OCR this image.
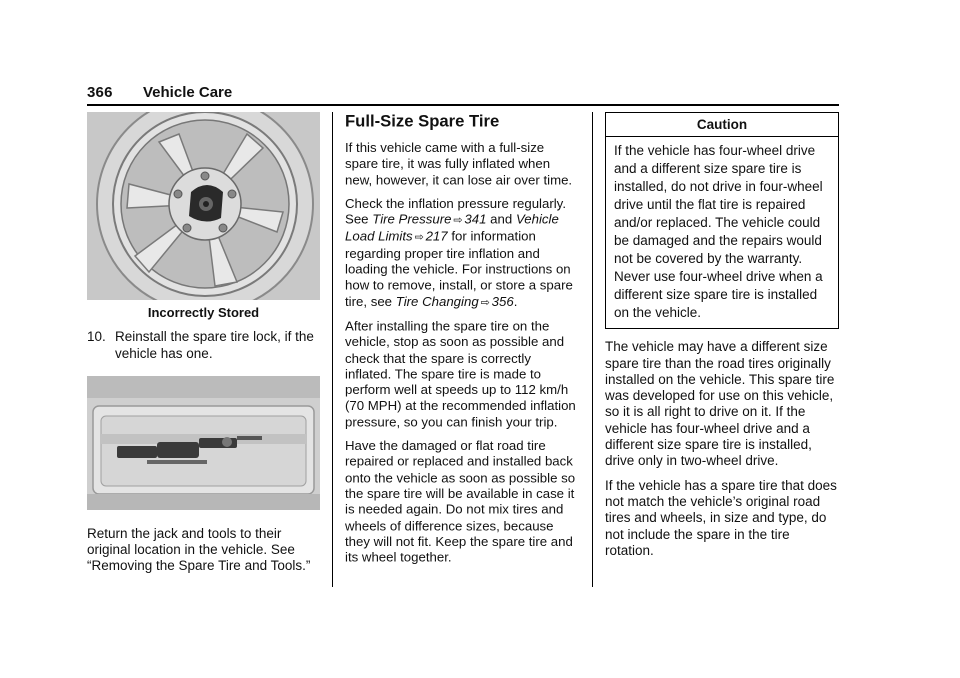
366 Vehicle Care
Incorrectly Stored
10. Reinstall the spare tire lock, if the vehicle has one.

Return the jack and tools to their original location in the vehicle. See “Removing the Spare Tire and Tools.”

Full-Size Spare Tire

If this vehicle came with a full-size spare tire, it was fully inflated when new, however, it can lose air over time.

Check the inflation pressure regularly. See Tire Pressure ⇨ 341 and Vehicle Load Limits ⇨ 217 for information regarding proper tire inflation and loading the vehicle. For instructions on how to remove, install, or store a spare tire, see Tire Changing ⇨ 356.

After installing the spare tire on the vehicle, stop as soon as possible and check that the spare is correctly inflated. The spare tire is made to perform well at speeds up to 112 km/h (70 MPH) at the recommended inflation pressure, so you can finish your trip.

Have the damaged or flat road tire repaired or replaced and installed back onto the vehicle as soon as possible so the spare tire will be available in case it is needed again. Do not mix tires and wheels of difference sizes, because they will not fit. Keep the spare tire and its wheel together.

Caution
If the vehicle has four-wheel drive and a different size spare tire is installed, do not drive in four-wheel drive until the flat tire is repaired and/or replaced. The vehicle could be damaged and the repairs would not be covered by the warranty. Never use four-wheel drive when a different size spare tire is installed on the vehicle.

The vehicle may have a different size spare tire than the road tires originally installed on the vehicle. This spare tire was developed for use on this vehicle, so it is all right to drive on it. If the vehicle has four-wheel drive and a different size spare tire is installed, drive only in two-wheel drive.

If the vehicle has a spare tire that does not match the vehicle’s original road tires and wheels, in size and type, do not include the spare in the tire rotation.
